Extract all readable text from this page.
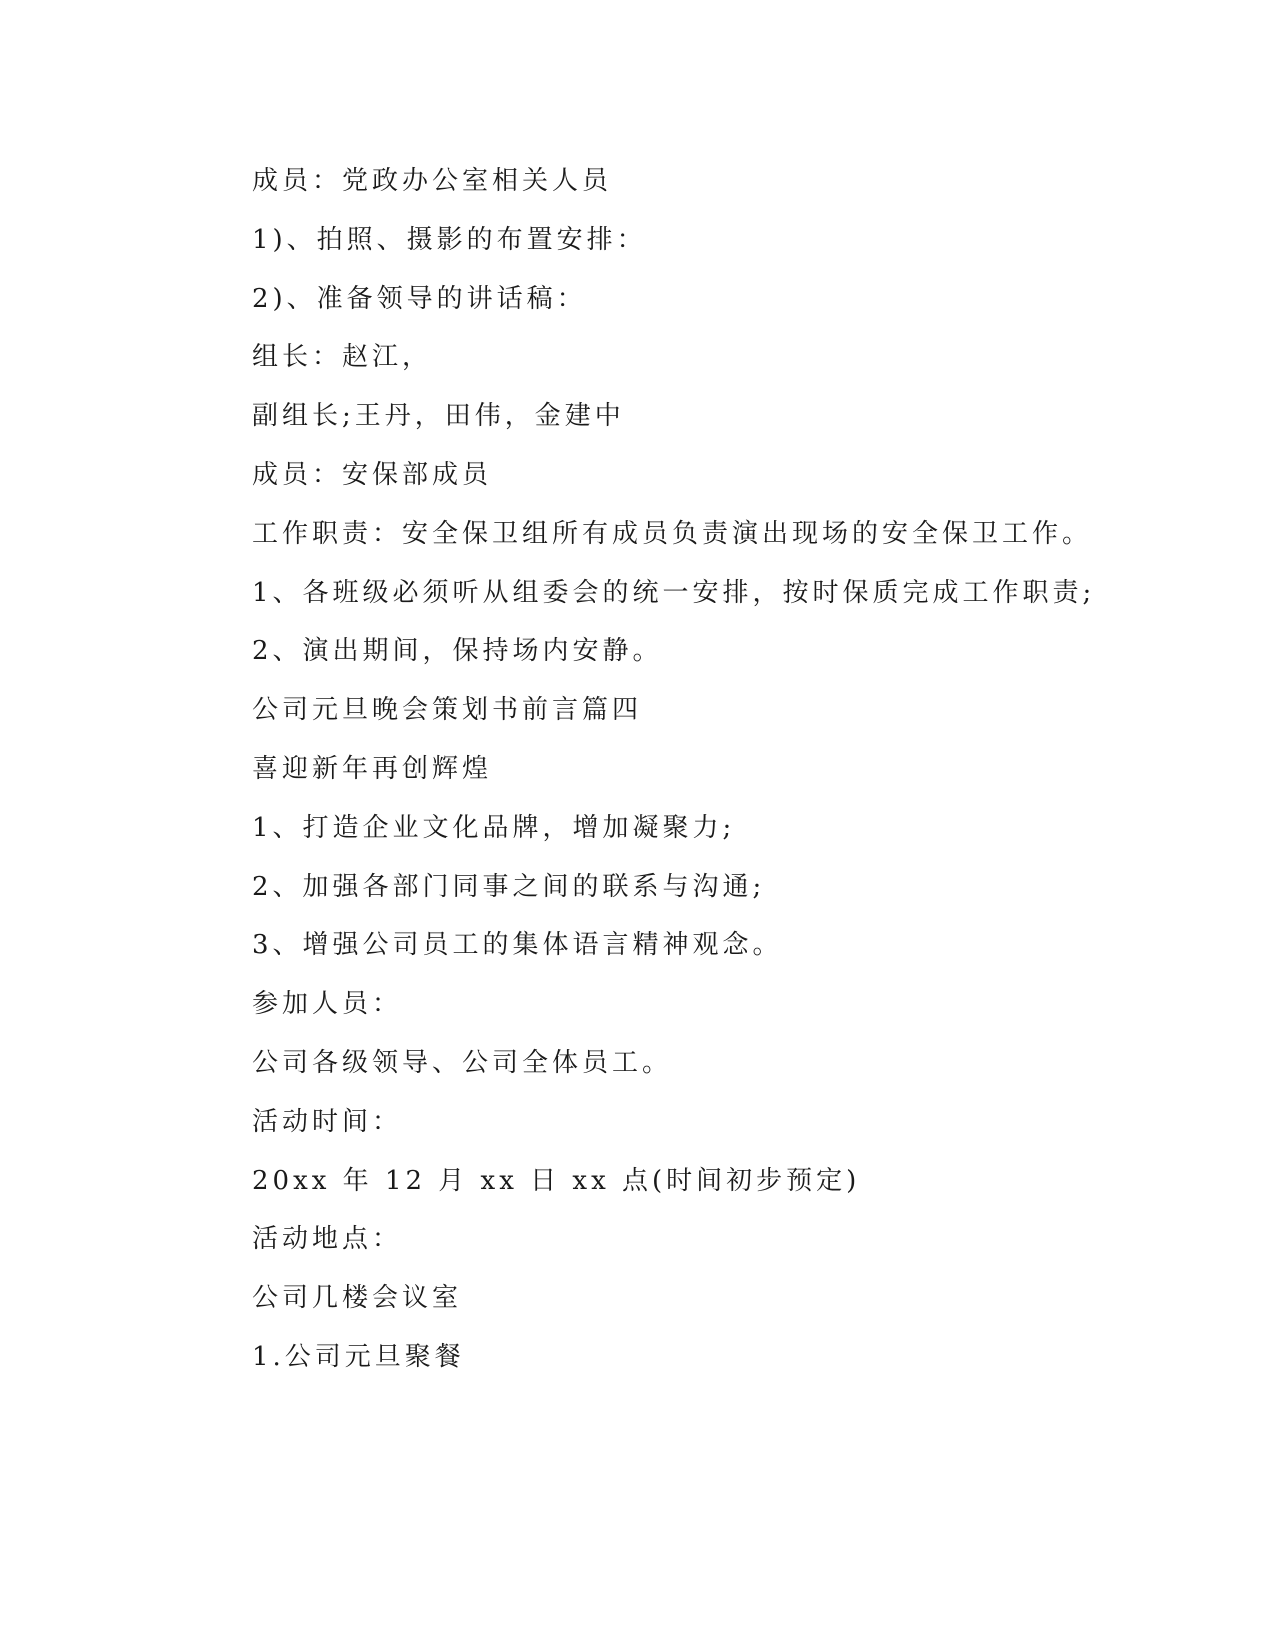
成员：党政办公室相关人员
1)、拍照、摄影的布置安排：
2)、准备领导的讲话稿：
组长：赵江，
副组长;王丹，田伟，金建中
成员：安保部成员
工作职责：安全保卫组所有成员负责演出现场的安全保卫工作。
1、各班级必须听从组委会的统一安排，按时保质完成工作职责;
2、演出期间，保持场内安静。
公司元旦晚会策划书前言篇四
喜迎新年再创辉煌
1、打造企业文化品牌，增加凝聚力;
2、加强各部门同事之间的联系与沟通;
3、增强公司员工的集体语言精神观念。
参加人员：
公司各级领导、公司全体员工。
活动时间：
20xx 年 12 月 xx 日 xx 点(时间初步预定)
活动地点：
公司几楼会议室
1.公司元旦聚餐
